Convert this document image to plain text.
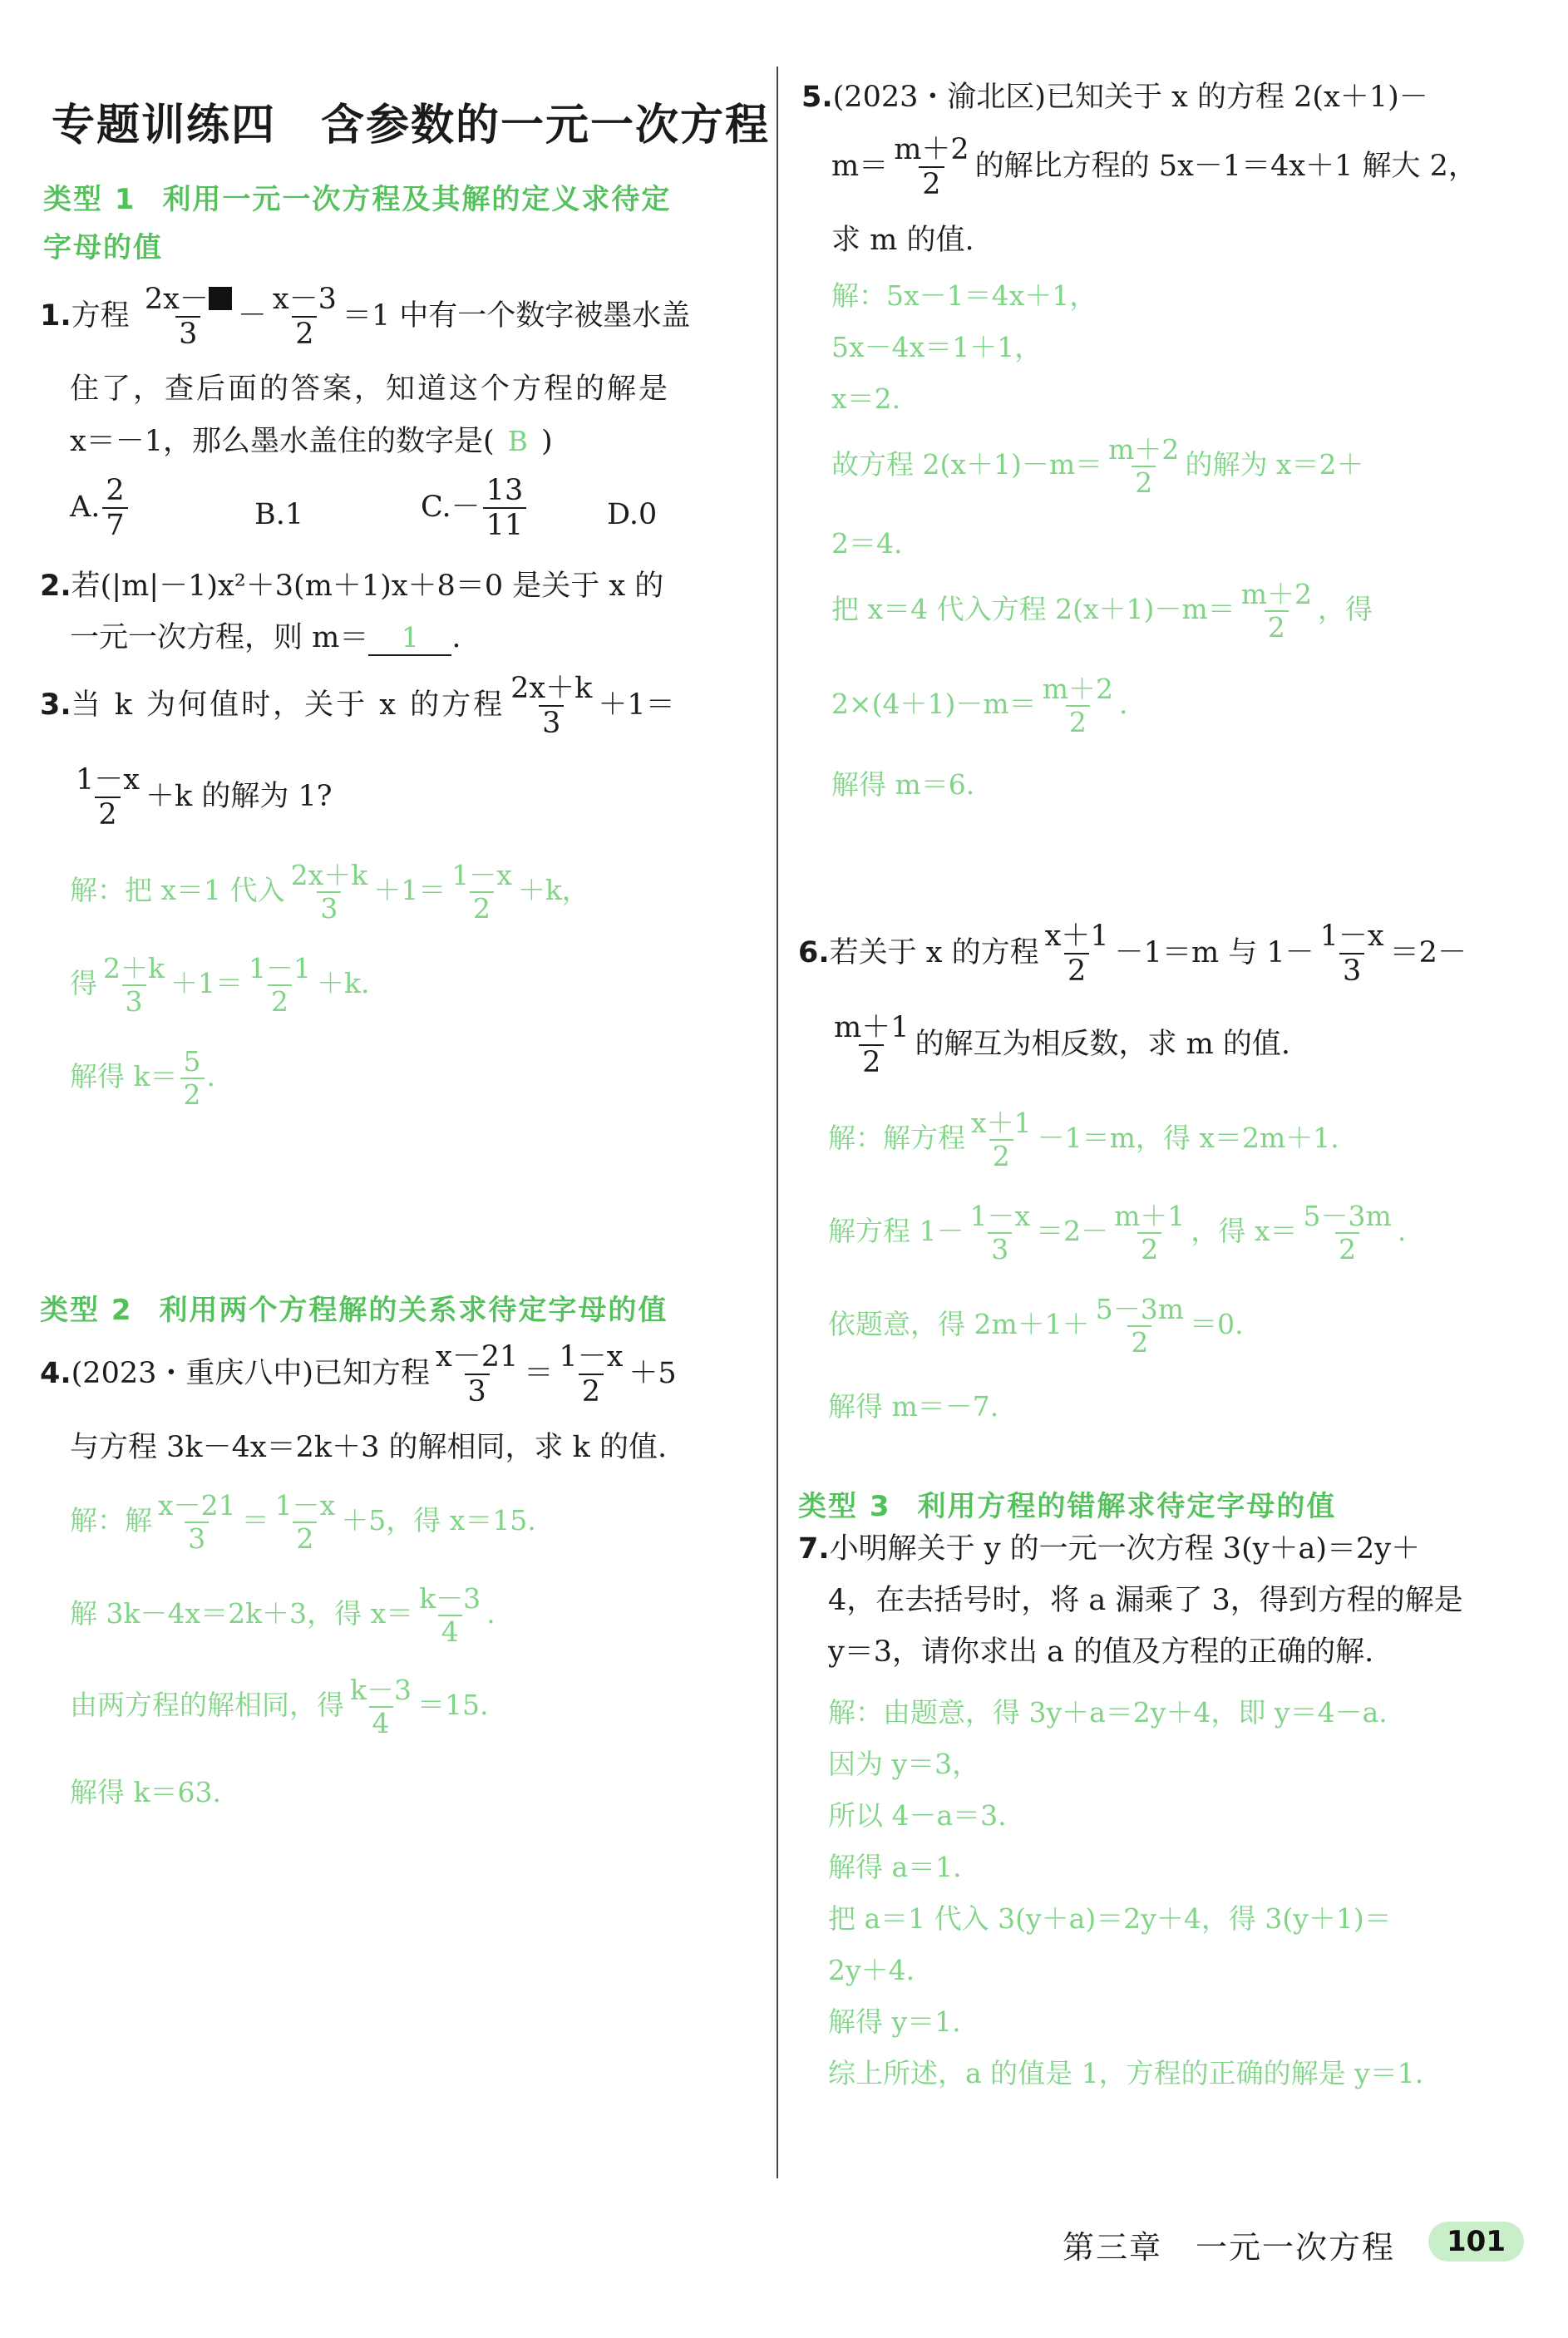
专题训练四　含参数的一元一次方程
类型 1 利用一元一次方程及其解的定义求待定
字母的值
1.方程 $\frac{2x-}{3} - \frac{x-3}{2} =1$ 中有一个数字被墨水盖
住了，查后面的答案，知道这个方程的解是
x＝－1，那么墨水盖住的数字是( B )
A. $\frac{2}{7}$	B.1	$C.- \frac{13}{11}$	D.0
2.若(|m|－1)x²＋3(m＋1)x＋8＝0 是关于 x 的
一元一次方程，则 m＝ 1 .
3.当 k 为何值时，关于 x 的方程 $\frac{2x+k}{3} +1=$
$\frac{1-x}{2} +k$ 的解为 1?
解：把 x＝1 代入 $\frac{2x+k}{3} +1= \frac{1-x}{2} +k$，
得 $\frac{2+k}{3} +1= \frac{1-1}{2} +k$.
解得 $k= \frac{5}{2}$ .
类型 2 利用两个方程解的关系求待定字母的值
4.(2023・重庆八中)已知方程 $\frac{x-21}{3} = \frac{1-x}{2} +5$
与方程 3k－4x＝2k＋3 的解相同，求 k 的值.
解：解 $\frac{x-21}{3} = \frac{1-x}{2} +5$，得 x＝15.
解 3k－4x＝2k＋3，得 $x= \frac{k-3}{4}$ .
由两方程的解相同，得 $\frac{k-3}{4} =15$.
解得 k＝63.
5.(2023・渝北区)已知关于 x 的方程 2(x＋1)－
$m= \frac{m+2}{2}$ 的解比方程的 5x－1＝4x＋1 解大 2，
求 m 的值.
解：5x－1＝4x＋1，
5x－4x＝1＋1，
x＝2.
故方程 $2(x+1)-m= \frac{m+2}{2}$ 的解为 x＝2＋
2＝4.
把 x＝4 代入方程 $2(x+1)-m= \frac{m+2}{2}$ ，得
$2\times(4+1)-m= \frac{m+2}{2}$ .
解得 m＝6.
6.若关于 x 的方程 $\frac{x+1}{2} -1=m$ 与 $1- \frac{1-x}{3} =2-$
$\frac{m+1}{2}$ 的解互为相反数，求 m 的值.
解：解方程 $\frac{x+1}{2} -1=m$，得 x＝2m＋1.
解方程 $1- \frac{1-x}{3} =2- \frac{m+1}{2}$ ，得 $x= \frac{5-3m}{2}$ .
依题意，得 $2m+1+ \frac{5-3m}{2} =0$.
解得 m＝－7.
类型 3 利用方程的错解求待定字母的值
7.小明解关于 y 的一元一次方程 3(y＋a)＝2y＋
4，在去括号时，将 a 漏乘了 3，得到方程的解是
y＝3，请你求出 a 的值及方程的正确的解.
解：由题意，得 3y＋a＝2y＋4，即 y＝4－a.
因为 y＝3，
所以 4－a＝3.
解得 a＝1.
把 a＝1 代入 3(y＋a)＝2y＋4，得 3(y＋1)＝
2y＋4.
解得 y＝1.
综上所述，a 的值是 1，方程的正确的解是 y＝1.
第三章　一元一次方程	101
